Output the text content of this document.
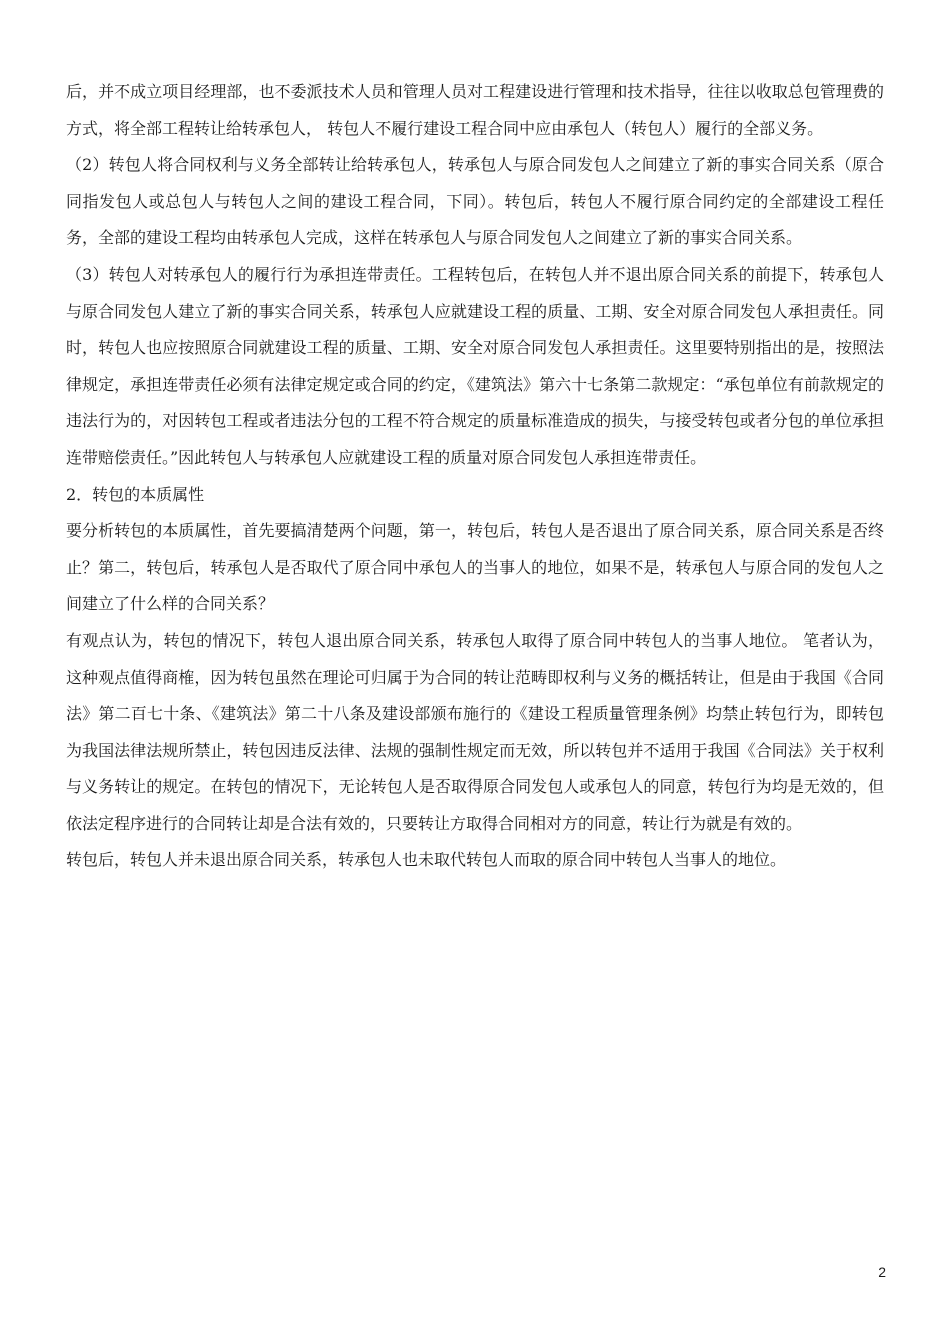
后，并不成立项目经理部，也不委派技术人员和管理人员对工程建设进行管理和技术指导，往往以收取总包管理费的方式，将全部工程转让给转承包人， 转包人不履行建设工程合同中应由承包人（转包人）履行的全部义务。

（2）转包人将合同权利与义务全部转让给转承包人，转承包人与原合同发包人之间建立了新的事实合同关系（原合同指发包人或总包人与转包人之间的建设工程合同，下同）。转包后，转包人不履行原合同约定的全部建设工程任务，全部的建设工程均由转承包人完成，这样在转承包人与原合同发包人之间建立了新的事实合同关系。

（3）转包人对转承包人的履行行为承担连带责任。工程转包后，在转包人并不退出原合同关系的前提下，转承包人与原合同发包人建立了新的事实合同关系，转承包人应就建设工程的质量、工期、安全对原合同发包人承担责任。同时，转包人也应按照原合同就建设工程的质量、工期、安全对原合同发包人承担责任。这里要特别指出的是，按照法律规定，承担连带责任必须有法律定规定或合同的约定，《建筑法》第六十七条第二款规定：“承包单位有前款规定的违法行为的，对因转包工程或者违法分包的工程不符合规定的质量标准造成的损失，与接受转包或者分包的单位承担连带赔偿责任。”因此转包人与转承包人应就建设工程的质量对原合同发包人承担连带责任。

2．转包的本质属性

要分析转包的本质属性，首先要搞清楚两个问题，第一，转包后，转包人是否退出了原合同关系，原合同关系是否终止？第二，转包后，转承包人是否取代了原合同中承包人的当事人的地位，如果不是，转承包人与原合同的发包人之间建立了什么样的合同关系？

有观点认为，转包的情况下，转包人退出原合同关系，转承包人取得了原合同中转包人的当事人地位。 笔者认为，这种观点值得商榷，因为转包虽然在理论可归属于为合同的转让范畴即权利与义务的概括转让，但是由于我国《合同法》第二百七十条、《建筑法》第二十八条及建设部颁布施行的《建设工程质量管理条例》均禁止转包行为，即转包为我国法律法规所禁止，转包因违反法律、法规的强制性规定而无效，所以转包并不适用于我国《合同法》关于权利与义务转让的规定。在转包的情况下，无论转包人是否取得原合同发包人或承包人的同意，转包行为均是无效的，但依法定程序进行的合同转让却是合法有效的，只要转让方取得合同相对方的同意，转让行为就是有效的。

转包后，转包人并未退出原合同关系，转承包人也未取代转包人而取的原合同中转包人当事人的地位。

2
